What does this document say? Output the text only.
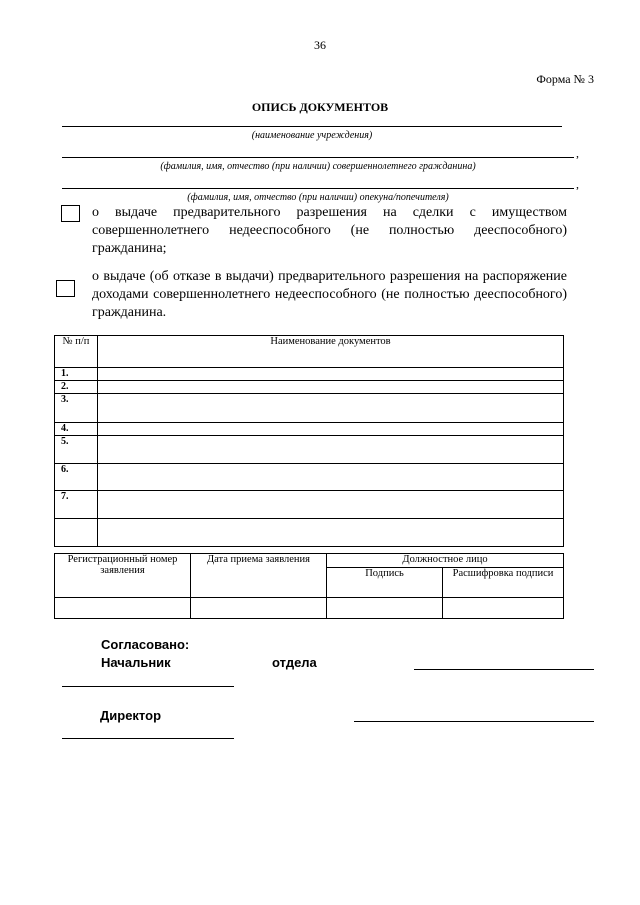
36
Форма № 3
ОПИСЬ ДОКУМЕНТОВ
(наименование учреждения)
,
(фамилия, имя, отчество (при наличии) совершеннолетнего гражданина)
,
(фамилия, имя, отчество (при наличии) опекуна/попечителя)
о выдаче предварительного разрешения на сделки с имуществом совершеннолетнего недееспособного (не полностью дееспособного) гражданина;
о выдаче (об отказе в выдачи) предварительного разрешения на распоряжение доходами совершеннолетнего недееспособного (не полностью дееспособного) гражданина.
№ п/п	Наименование документов
1.	
2.	
3.	
4.	
5.	
6.	
7.	

Регистрационный номер заявления	Дата приема заявления	Должностное лицо	
		Подпись	Расшифровка подписи

Согласовано:
Начальник	отдела
Директор
